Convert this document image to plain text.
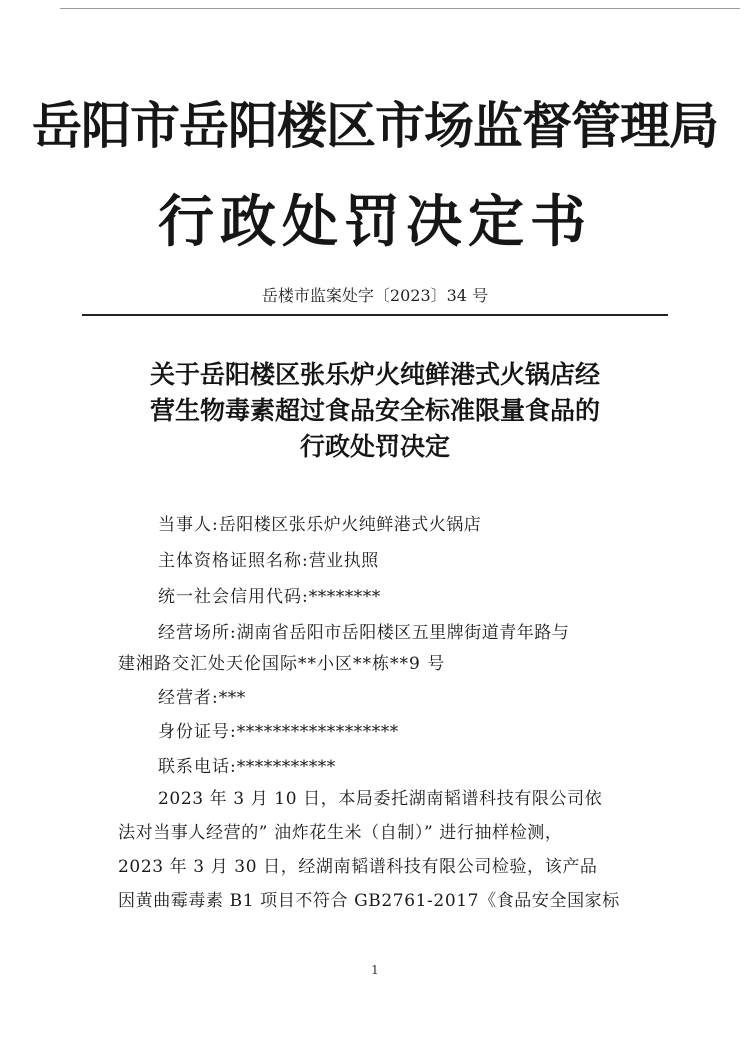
岳阳市岳阳楼区市场监督管理局
行政处罚决定书
岳楼市监案处字〔2023〕34 号
关于岳阳楼区张乐炉火纯鲜港式火锅店经
营生物毒素超过食品安全标准限量食品的
行政处罚决定
当事人:岳阳楼区张乐炉火纯鲜港式火锅店
主体资格证照名称:营业执照
统一社会信用代码:********
经营场所:湖南省岳阳市岳阳楼区五里牌街道青年路与
建湘路交汇处天伦国际**小区**栋**9 号
经营者:***
身份证号:******************
联系电话:***********
2023 年 3 月 10 日，本局委托湖南韬谱科技有限公司依
法对当事人经营的” 油炸花生米（自制）” 进行抽样检测，
2023 年 3 月 30 日，经湖南韬谱科技有限公司检验，该产品
因黄曲霉毒素 B1 项目不符合 GB2761-2017《食品安全国家标
1
